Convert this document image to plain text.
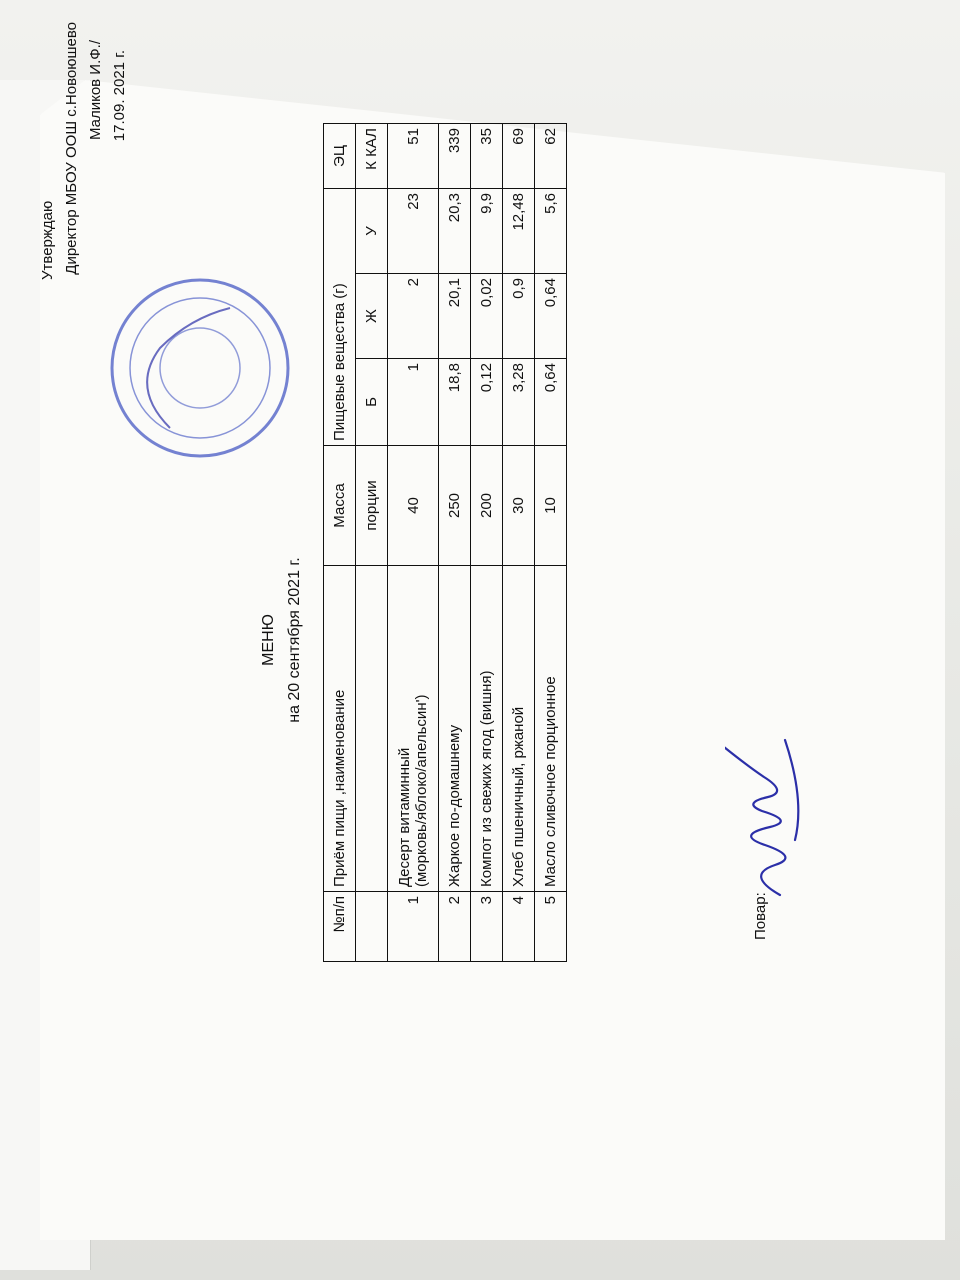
Утверждаю Директор МБОУ ООШ с.Новоюшево Маликов И.Ф./ 17.09. 2021 г.
МЕНЮ на 20 сентября 2021 г.
№п/п	Приём пищи ,наименование	Масса	Пищевые вещества (г)			ЭЦ
		порции	Б	Ж	У	К КАЛ
1	Десерт витаминный (морковь/яблоко/апельсин')	40	1	2	23	51
2	Жаркое по-домашнему	250	18,8	20,1	20,3	339
3	Компот из свежих ягод (вишня)	200	0,12	0,02	9,9	35
4	Хлеб пшеничный, ржаной	30	3,28	0,9	12,48	69
5	Масло сливочное порционное	10	0,64	0,64	5,6	62
Повар:
